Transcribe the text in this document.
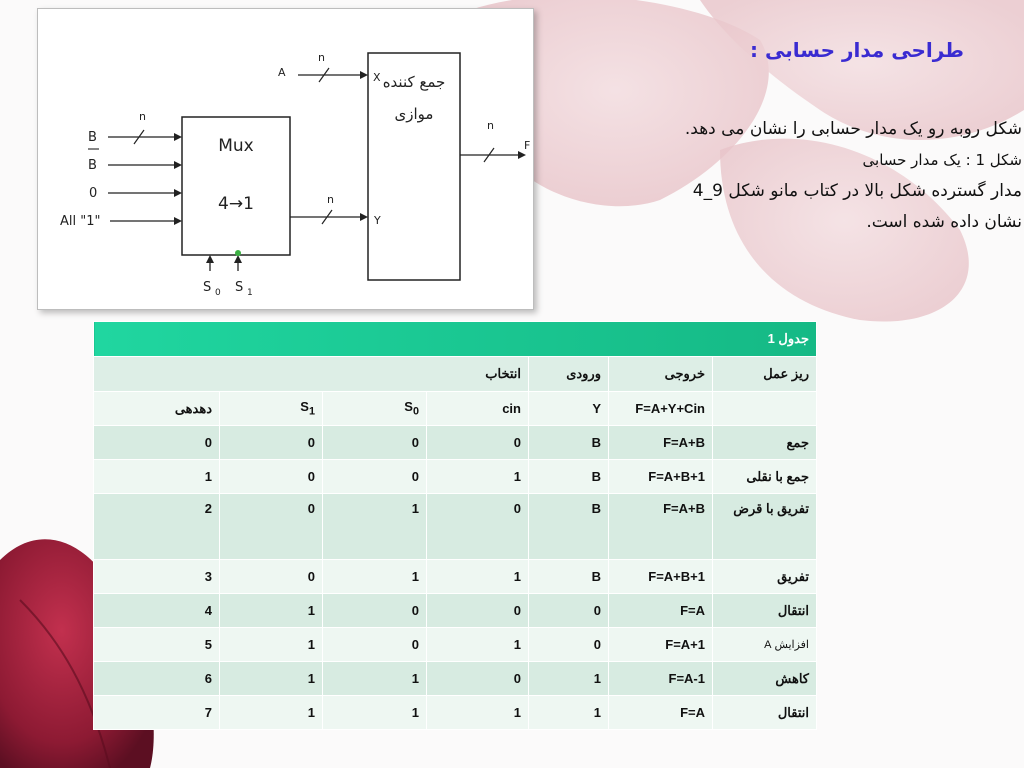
جمع کننده
موازی
X
Y
A
n
n
F
Mux
4→1	n
B
B
0
All "1"
n
S 0 S 1
طراحی مدار حسابی :
شکل روبه رو یک مدار حسابی را نشان می دهد.
شکل 1 : یک مدار حسابی
مدار گسترده شکل بالا در کتاب مانو شکل 9_4
نشان داده شده است.
جدول 1						
ریز عمل	خروجی	ورودی	انتخاب			
	F=A+Y+Cin	Y	cin	$S_0$	$S_1$	دهدهی
جمع	F=A+B	B	0	0	0	0
جمع با نقلی	F=A+B+1	B	1	0	0	1
تفریق با قرض	F=A+B	B	0	1	0	2
تفریق	F=A+B+1	B	1	1	0	3
انتقال	F=A	0	0	0	1	4
افزایش A	F=A+1	0	1	0	1	5
کاهش	F=A-1	1	0	1	1	6
انتقال	F=A	1	1	1	1	7
